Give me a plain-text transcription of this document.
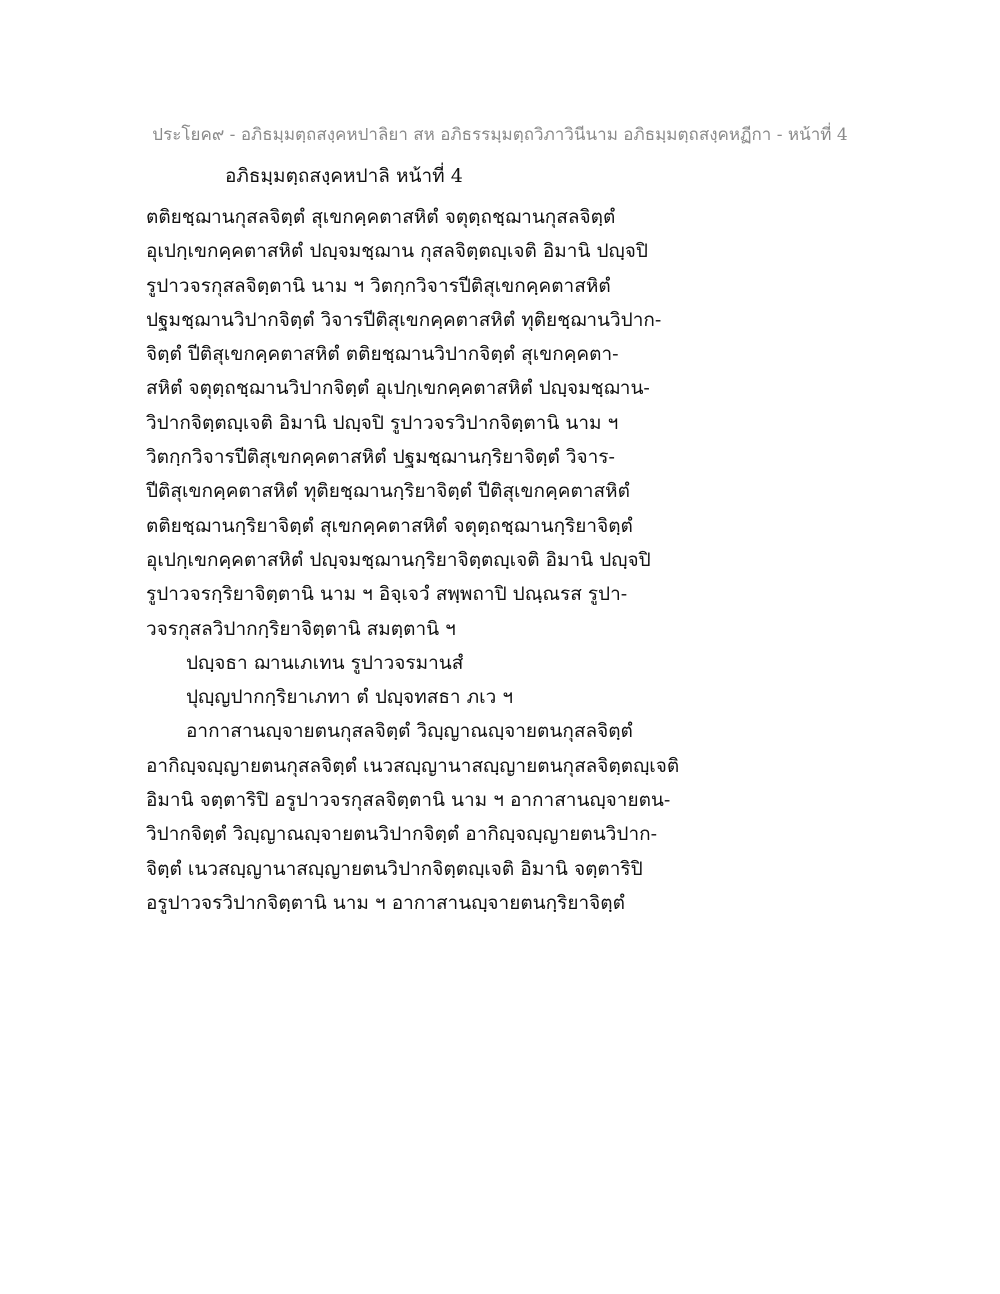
ประโยค๙ - อภิธมฺมตฺถสงฺคหปาลิยา สห อภิธรรมฺมตฺถวิภาวินีนาม อภิธมฺมตฺถสงฺคหฏีกา - หน้าที่ 4
อภิธมฺมตฺถสงฺคหปาลิ หน้าที่ 4
ตติยชฺฌานกุสลจิตฺตํ สุเขกคฺคตาสหิตํ จตุตฺถชฺฌานกุสลจิตฺตํ
อุเปกฺเขกคฺคตาสหิตํ ปญฺจมชฺฌาน กุสลจิตฺตญฺเจติ อิมานิ ปญฺจปิ
รูปาวจรกุสลจิตฺตานิ นาม ฯ วิตกฺกวิจารปีติสุเขกคฺคตาสหิตํ
ปฐมชฺฌานวิปากจิตฺตํ วิจารปีติสุเขกคฺคตาสหิตํ ทุติยชฺฌานวิปาก-
จิตฺตํ ปีติสุเขกคฺคตาสหิตํ ตติยชฺฌานวิปากจิตฺตํ สุเขกคฺคตา-
สหิตํ จตุตฺถชฺฌานวิปากจิตฺตํ อุเปกฺเขกคฺคตาสหิตํ ปญฺจมชฺฌาน-
วิปากจิตฺตญฺเจติ อิมานิ ปญฺจปิ รูปาวจรวิปากจิตฺตานิ นาม ฯ
วิตกฺกวิจารปีติสุเขกคฺคตาสหิตํ ปฐมชฺฌานกฺริยาจิตฺตํ วิจาร-
ปีติสุเขกคฺคตาสหิตํ ทุติยชฺฌานกฺริยาจิตฺตํ ปีติสุเขกคฺคตาสหิตํ
ตติยชฺฌานกฺริยาจิตฺตํ สุเขกคฺคตาสหิตํ จตุตฺถชฺฌานกฺริยาจิตฺตํ
อุเปกฺเขกคฺคตาสหิตํ ปญฺจมชฺฌานกฺริยาจิตฺตญฺเจติ อิมานิ ปญฺจปิ
รูปาวจรกฺริยาจิตฺตานิ นาม ฯ อิจฺเจวํ สพฺพถาปิ ปณฺณรส รูปา-
วจรกุสลวิปากกฺริยาจิตฺตานิ สมตฺตานิ ฯ
ปญฺจธา ฌานเภเทน รูปาวจรมานสํ
ปุญฺญปากกฺริยาเภทา ตํ ปญฺจทสธา ภเว ฯ
อากาสานญฺจายตนกุสลจิตฺตํ วิญฺญาณญฺจายตนกุสลจิตฺตํ
อากิญฺจญฺญายตนกุสลจิตฺตํ เนวสญฺญานาสญฺญายตนกุสลจิตฺตญฺเจติ
อิมานิ จตฺตาริปิ อรูปาวจรกุสลจิตฺตานิ นาม ฯ อากาสานญฺจายตน-
วิปากจิตฺตํ วิญฺญาณญฺจายตนวิปากจิตฺตํ อากิญฺจญฺญายตนวิปาก-
จิตฺตํ เนวสญฺญานาสญฺญายตนวิปากจิตฺตญฺเจติ อิมานิ จตฺตาริปิ
อรูปาวจรวิปากจิตฺตานิ นาม ฯ อากาสานญฺจายตนกฺริยาจิตฺตํ
